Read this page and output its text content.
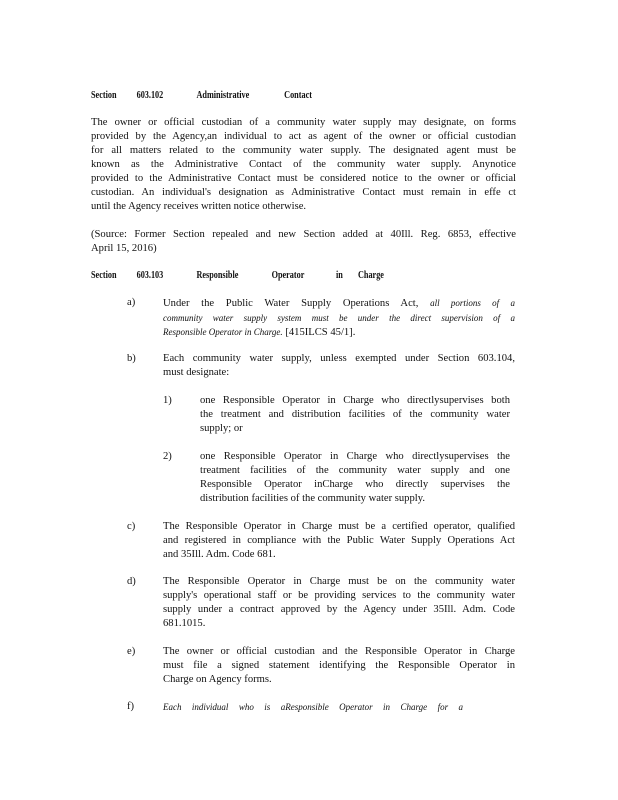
Section 603.102	Administrative	Contact
The owner or official custodian of a community water supply may designate, on forms
provided by the Agency,an individual to act as agent of the owner or official custodian
for all matters related to the community water supply. The designated agent must be
known as the Administrative Contact of the community water supply. Anynotice
provided to the Administrative Contact must be considered notice to the owner or official
custodian. An individual's designation as Administrative Contact must remain in effe ct
until the Agency receives written notice otherwise.
(Source: Former Section repealed and new Section added at 40Ill. Reg. 6853, effective
April 15, 2016)
Section 603.103	Responsible	Operator	in Charge
a)	Under the Public Water Supply Operations Act, all portions of a
community water supply system must be under the direct supervision of a
Responsible Operator in Charge. [415ILCS 45/1].
b)	Each community water supply, unless exempted under Section 603.104,
must designate:
1)	one Responsible Operator in Charge who directlysupervises both
the treatment and distribution facilities of the community water
supply; or
2)	one Responsible Operator in Charge who directlysupervises the
treatment facilities of the community water supply and one
Responsible Operator inCharge who directly supervises the
distribution facilities of the community water supply.
c)	The Responsible Operator in Charge must be a certified operator, qualified
and registered in compliance with the Public Water Supply Operations Act
and 35Ill. Adm. Code 681.
d)	The Responsible Operator in Charge must be on the community water
supply's operational staff or be providing services to the community water
supply under a contract approved by the Agency under 35Ill. Adm. Code
681.1015.
e)	The owner or official custodian and the Responsible Operator in Charge
must file a signed statement identifying the Responsible Operator in
Charge on Agency forms.
f)	Each individual who is aResponsible Operator in Charge for a
